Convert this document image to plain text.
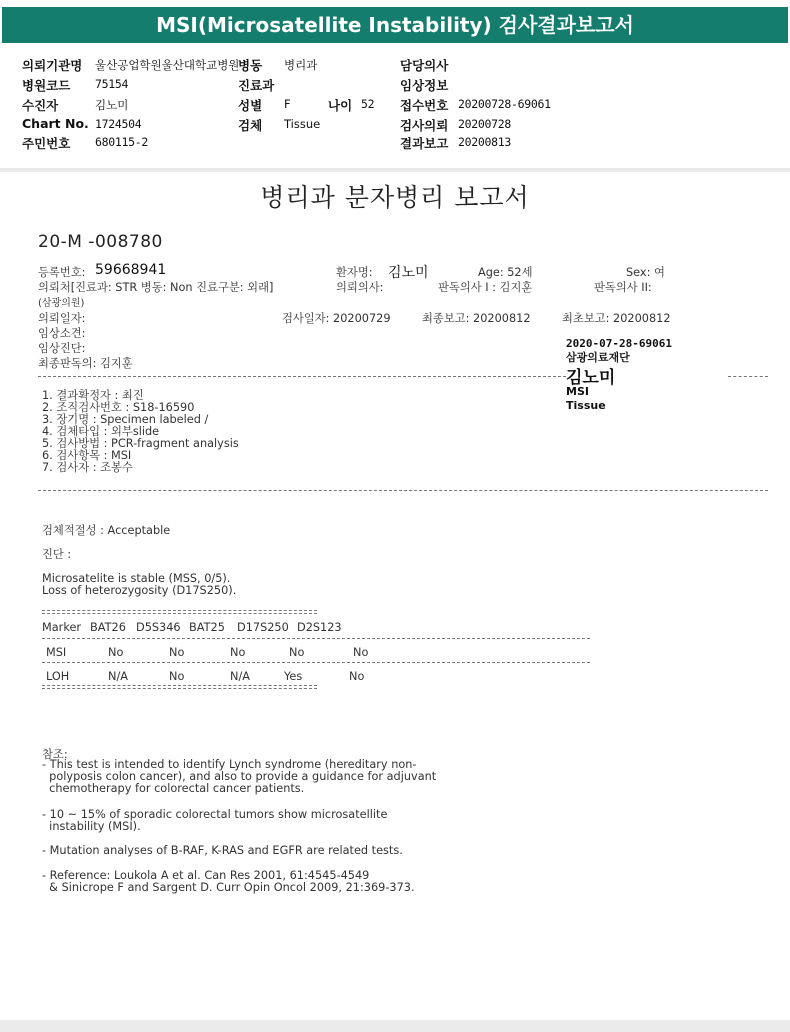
MSI(Microsatellite Instability) 검사결과보고서
의뢰기관명 울산공업학원울산대학교병원
병동 병리과	담당의사
병원코드 75154	진료과	임상정보
수진자	김노미	성별 F	나이 52 접수번호 20200728-69061
Chart No. 1724504	검체 Tissue	검사의뢰 20200728
주민번호 680115-2	결과보고 20200813
병리과 분자병리 보고서
20-M -008780
등록번호: 59668941	환자명: 김노미	Age: 52세	Sex: 여
의뢰처[진료과: STR 병동: Non 진료구분: 외래]	의뢰의사:	판독의사 I : 김지훈	판독의사 II:
(삼광의원)
의뢰일자:	검사일자: 20200729	최종보고: 20200812	최초보고: 20200812
임상소견:
임상진단:
최종판독의: 김지훈
2020-07-28-69061
삼광의료재단
김노미
MSI
Tissue
1. 결과확정자 : 최진
2. 조직검사번호 : S18-16590
3. 장기명 : Specimen labeled /
4. 검체타입 : 외부slide
5. 검사방법 : PCR-fragment analysis
6. 검사항목 : MSI
7. 검사자 : 조봉수
검체적절성 : Acceptable
진단 :
Microsatelite is stable (MSS, 0/5).
Loss of heterozygosity (D17S250).
Marker BAT26 D5S346 BAT25 D17S250 D2S123
MSI	No	No	No	No	No
LOH	N/A	No	N/A	Yes	No
참조:
- This test is intended to identify Lynch syndrome (hereditary non-
polyposis colon cancer), and also to provide a guidance for adjuvant
chemotherapy for colorectal cancer patients.
- 10 ~ 15% of sporadic colorectal tumors show microsatellite
instability (MSI).
- Mutation analyses of B-RAF, K-RAS and EGFR are related tests.
- Reference: Loukola A et al. Can Res 2001, 61:4545-4549
& Sinicrope F and Sargent D. Curr Opin Oncol 2009, 21:369-373.
